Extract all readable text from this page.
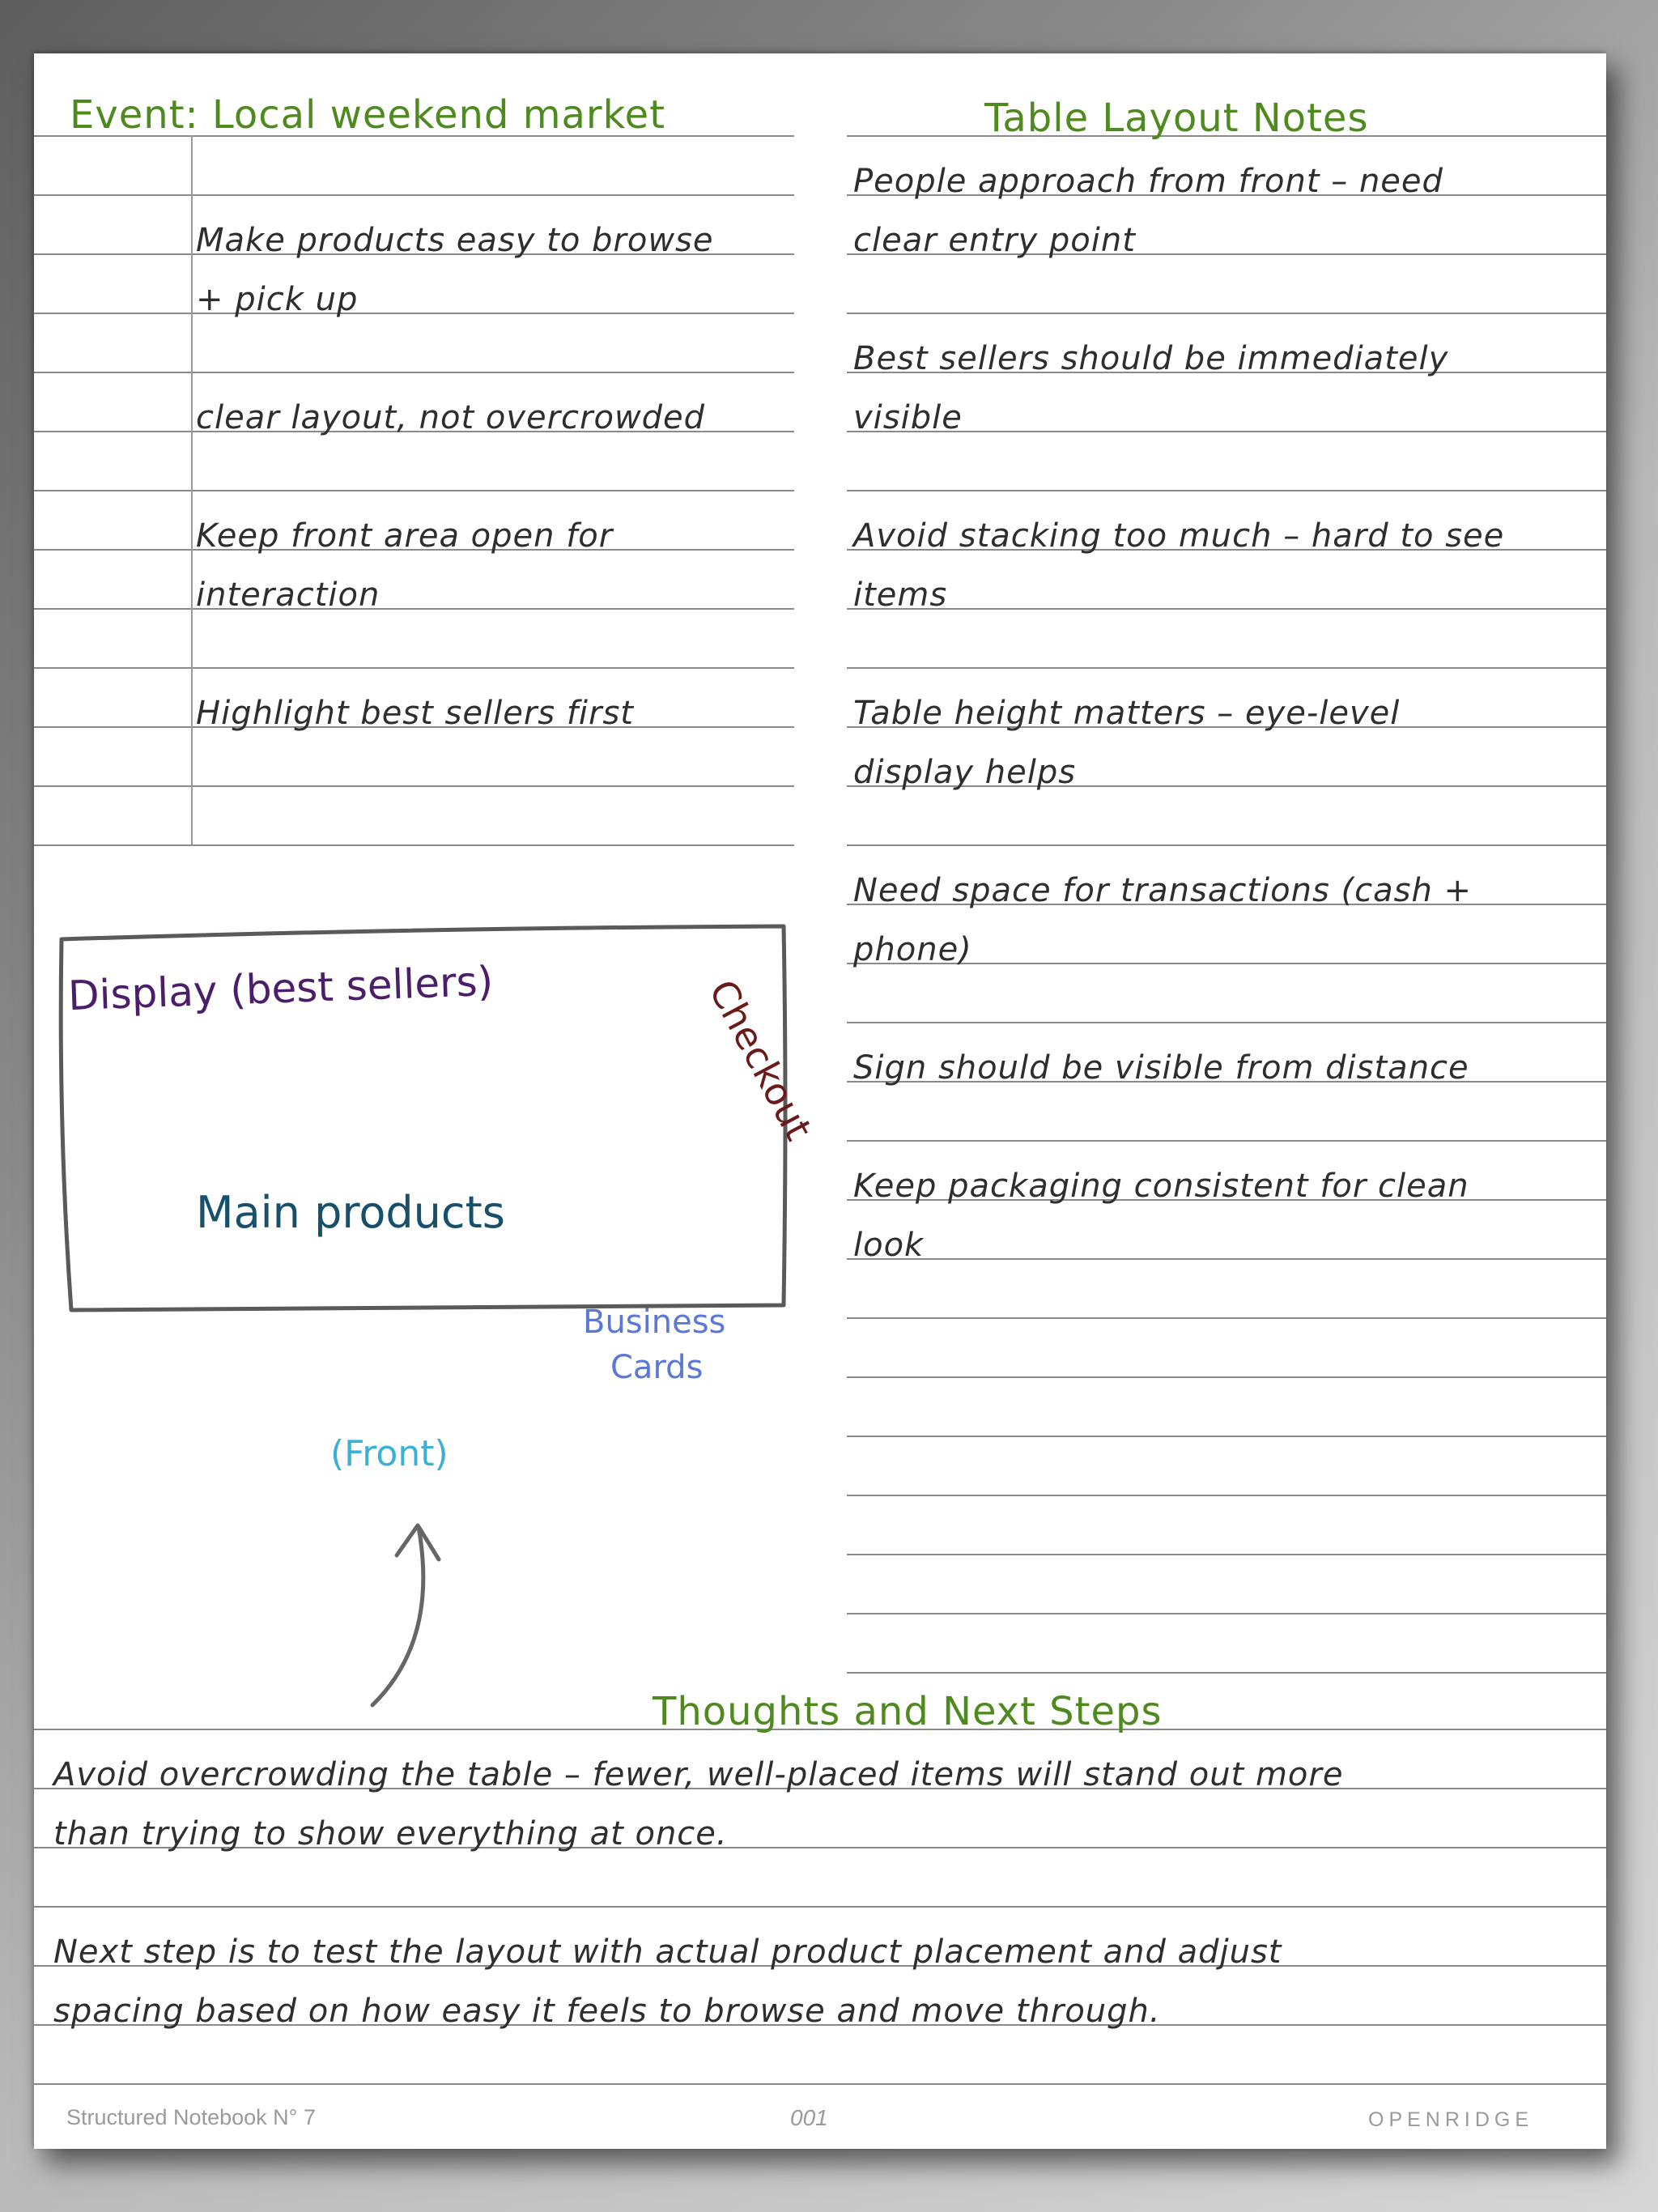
Event: Local weekend market
Make products easy to browse
+ pick up
clear layout, not overcrowded
Keep front area open for
interaction
Highlight best sellers first
Table Layout Notes
People approach from front – need
clear entry point
Best sellers should be immediately
visible
Avoid stacking too much – hard to see
items
Table height matters – eye-level
display helps
Need space for transactions (cash +
phone)
Sign should be visible from distance
Keep packaging consistent for clean
look
Display (best sellers)	Checkout
Main products
Business
Cards
(Front)
Thoughts and Next Steps
Avoid overcrowding the table – fewer, well-placed items will stand out more
than trying to show everything at once.
Next step is to test the layout with actual product placement and adjust
spacing based on how easy it feels to browse and move through.
Structured Notebook N° 7	001	OPENRIDGE
